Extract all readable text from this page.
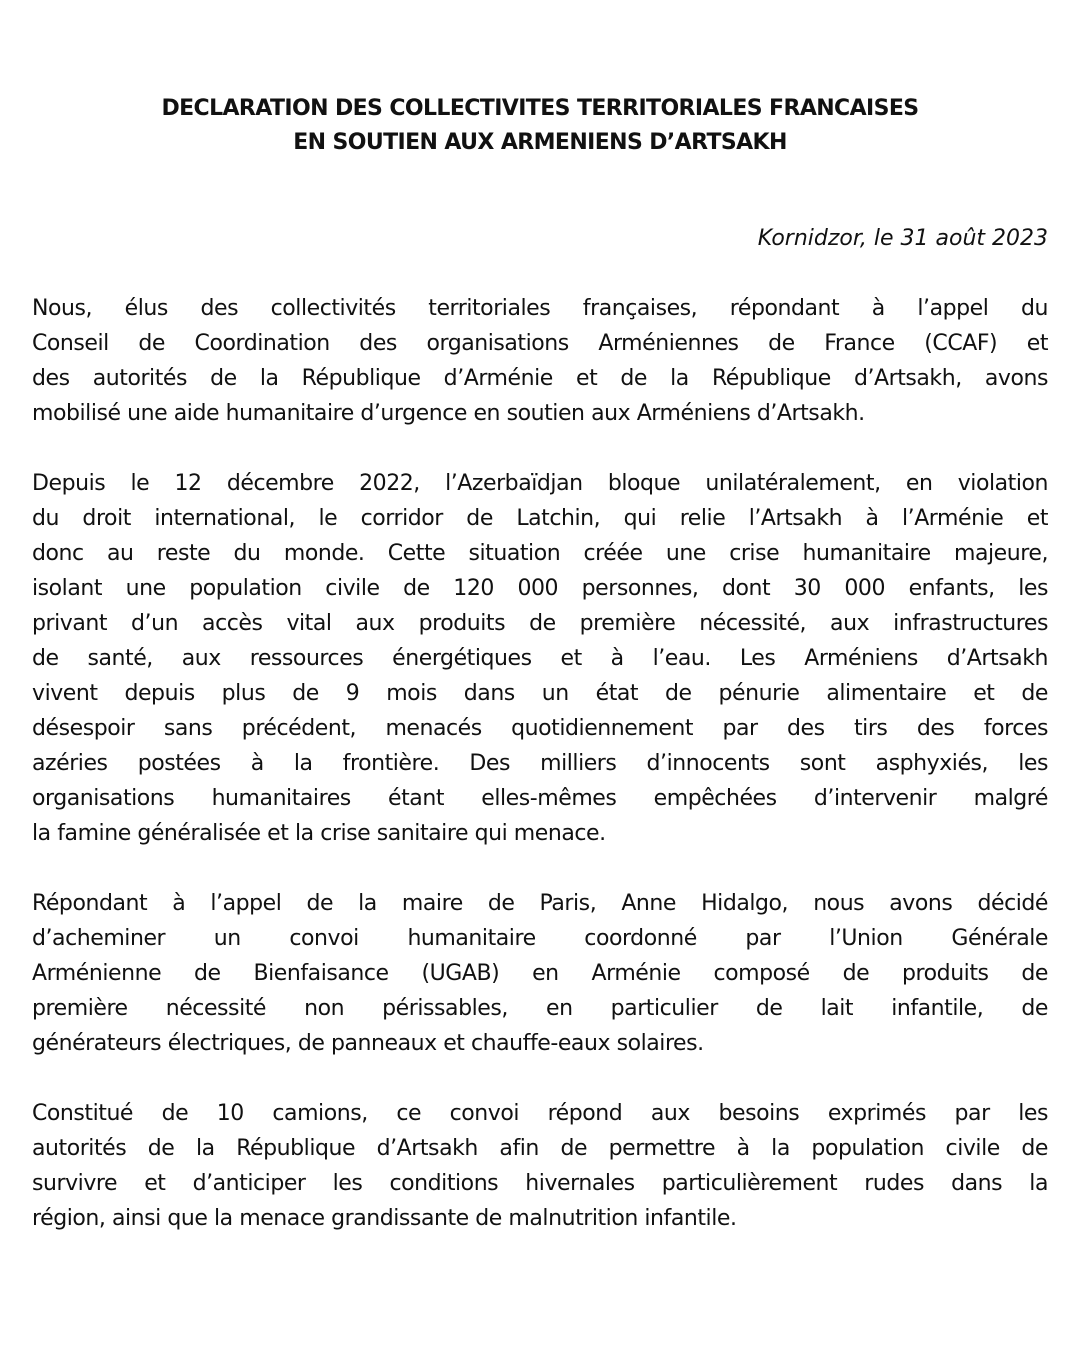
DECLARATION DES COLLECTIVITES TERRITORIALES FRANCAISES
EN SOUTIEN AUX ARMENIENS D’ARTSAKH
Kornidzor, le 31 août 2023
Nous, élus des collectivités territoriales françaises, répondant à l’appel du
Conseil de Coordination des organisations Arméniennes de France (CCAF) et
des autorités de la République d’Arménie et de la République d’Artsakh, avons
mobilisé une aide humanitaire d’urgence en soutien aux Arméniens d’Artsakh.
Depuis le 12 décembre 2022, l’Azerbaïdjan bloque unilatéralement, en violation
du droit international, le corridor de Latchin, qui relie l’Artsakh à l’Arménie et
donc au reste du monde. Cette situation créée une crise humanitaire majeure,
isolant une population civile de 120 000 personnes, dont 30 000 enfants, les
privant d’un accès vital aux produits de première nécessité, aux infrastructures
de santé, aux ressources énergétiques et à l’eau. Les Arméniens d’Artsakh
vivent depuis plus de 9 mois dans un état de pénurie alimentaire et de
désespoir sans précédent, menacés quotidiennement par des tirs des forces
azéries postées à la frontière. Des milliers d’innocents sont asphyxiés, les
organisations humanitaires étant elles-mêmes empêchées d’intervenir malgré
la famine généralisée et la crise sanitaire qui menace.
Répondant à l’appel de la maire de Paris, Anne Hidalgo, nous avons décidé
d’acheminer un convoi humanitaire coordonné par l’Union Générale
Arménienne de Bienfaisance (UGAB) en Arménie composé de produits de
première nécessité non périssables, en particulier de lait infantile, de
générateurs électriques, de panneaux et chauffe-eaux solaires.
Constitué de 10 camions, ce convoi répond aux besoins exprimés par les
autorités de la République d’Artsakh afin de permettre à la population civile de
survivre et d’anticiper les conditions hivernales particulièrement rudes dans la
région, ainsi que la menace grandissante de malnutrition infantile.
